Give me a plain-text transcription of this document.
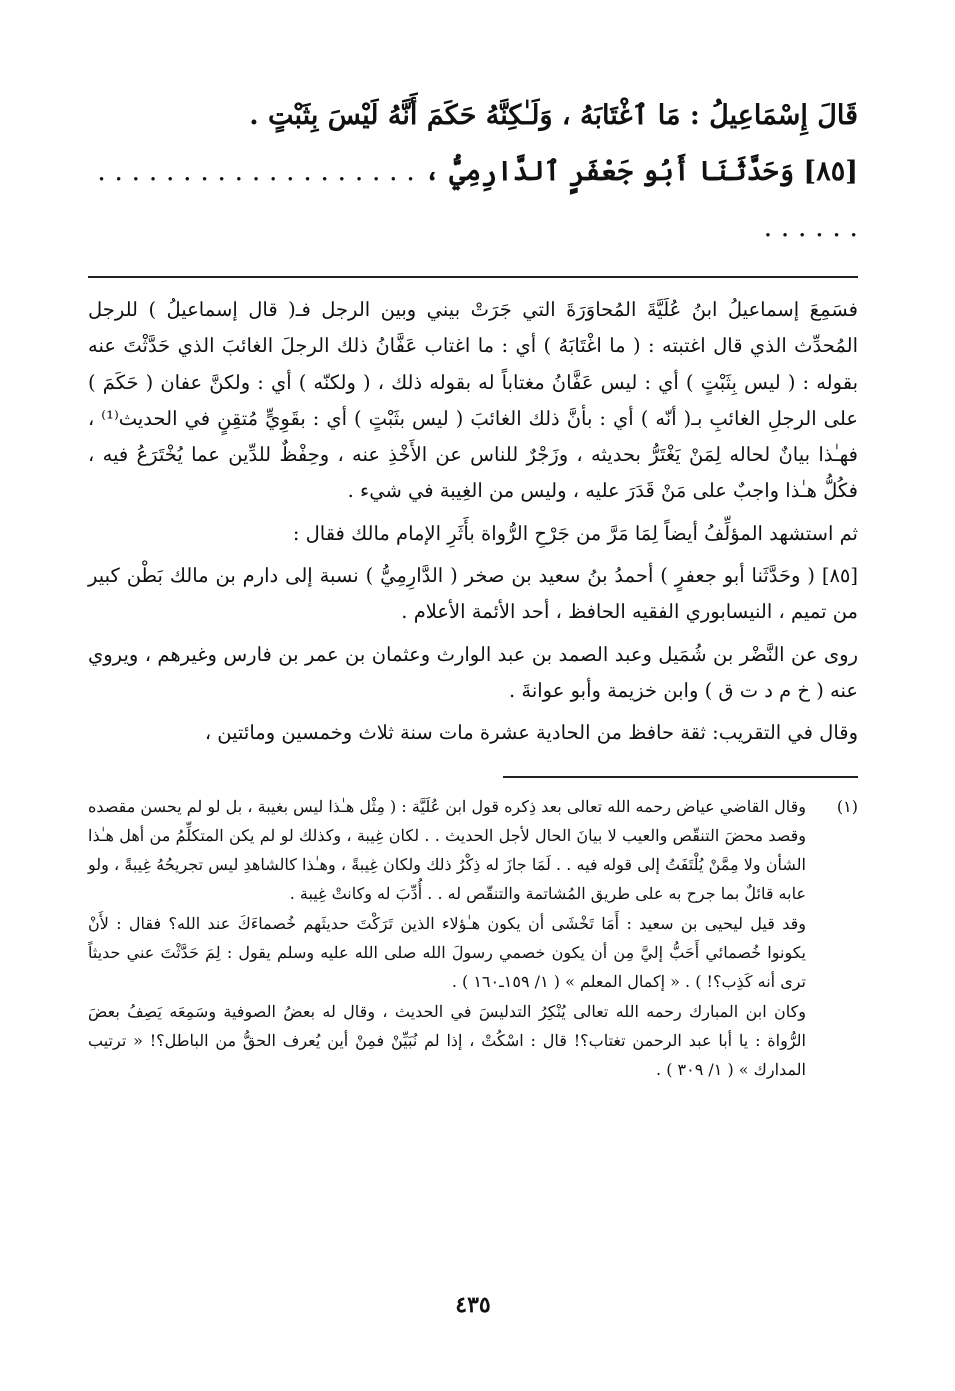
قَالَ إِسْمَاعِيلُ : مَا ٱغْتَابَهُ ، وَلَـٰكِنَّهُ حَكَمَ أَنَّهُ لَيْسَ بِثَبْتٍ .
[٨٥] وَحَدَّثَنَا أَبُو جَعْفَرٍ ٱلدَّارِمِيُّ ، . . . . . . . . . . . . . . . . . . . . . . . . .

فسَمِعَ إسماعيلُ ابنُ عُلَيَّةَ المُحاوَرَةَ التي جَرَتْ بيني وبين الرجل فـ( قال إسماعيلُ ) للرجل المُحدِّث الذي قال اغتبته : ( ما اغْتَابَهُ ) أي : ما اغتاب عَفَّانُ ذلك الرجلَ الغائبَ الذي حَدَّثْتَ عنه بقوله : ( ليس بِثَبْتٍ ) أي : ليس عَفَّانُ مغتاباً له بقوله ذلك ، ( ولكنّه ) أي : ولكنَّ عفان ( حَكَمَ ) على الرجلِ الغائبِ بـ( أنّه ) أي : بأنَّ ذلك الغائبَ ( ليس بثَبْتٍ ) أي : بقَوِيٍّ مُتقِنٍ في الحديث⁽¹⁾ ، فهـٰذا بيانٌ لحاله لِمَنْ يَغْتَرُّ بحديثه ، وزَجْرٌ للناس عن الأَخْذِ عنه ، وحِفْظٌ للدِّين عما يُخْتَرَعُ فيه ، فكُلُّ هـٰذا واجبٌ على مَنْ قَدَرَ عليه ، وليس من الغِيبة في شيء .

ثم استشهد المؤلِّفُ أيضاً لِمَا مَرَّ من جَرْحِ الرُّواة بأَثَرِ الإمام مالك فقال :

[٨٥] ( وحَدَّثَنا أبو جعفرٍ ) أحمدُ بنُ سعيد بن صخر ( الدَّارِمِيُّ ) نسبة إلى دارم بن مالك بَطْن كبير من تميم ، النيسابوري الفقيه الحافظ ، أحد الأئمة الأعلام .

روى عن النَّضْر بن شُمَيل وعبد الصمد بن عبد الوارث وعثمان بن عمر بن فارس وغيرهم ، ويروي عنه ( خ م د ت ق ) وابن خزيمة وأبو عوانةَ .

وقال في التقريب: ثقة حافظ من الحادية عشرة مات سنة ثلاث وخمسين ومائتين ،

(١)
وقال القاضي عياض رحمه الله تعالى بعد ذِكره قول ابن عُلَيَّة : ( مِثْل هـٰذا ليس بغيبة ، بل لو لم يحسن مقصده وقصد محضَ التنقّص والعيب لا بيانَ الحال لأجل الحديث . . لكان غِيبة ، وكذلك لو لم يكن المتكلِّمُ من أهل هـٰذا الشأن ولا مِمَّنْ يُلْتَفَتُ إلى قوله فيه . . لَمَا جازَ له ذِكْرُ ذلك ولكان غِيبةً ، وهـٰذا كالشاهدِ ليس تجريحُهُ غِيبةً ، ولو عابه قائلٌ بما جرح به على طريق المُشاتمة والتنقّص له . . أُدِّبَ له وكانتْ غِيبة .

وقد قيل ليحيى بن سعيد : أَمَا تَخْشَى أن يكون هـٰؤلاء الذين تَرَكْتَ حديثَهم خُصماءَكَ عند الله؟ فقال : لأَنْ يكونوا خُصمائي أَحَبُّ إليَّ مِن أن يكون خصمي رسولَ الله صلى الله عليه وسلم يقول : لِمَ حَدَّثْتَ عني حديثاً ترى أنه كَذِب؟! ) . « إكمال المعلم » ( ١/ ١٥٩ـ١٦٠ ) .

وكان ابن المبارك رحمه الله تعالى يُنْكِرُ التدليسَ في الحديث ، وقال له بعضُ الصوفية وسَمِعَه يَصِفُ بعضَ الرُّواة : يا أبا عبد الرحمن تغتاب؟! قال : اسْكُتْ ، إذا لم نُبَيِّنْ فمِنْ أين يُعرف الحقُّ من الباطل؟! « ترتيب المدارك » ( ١/ ٣٠٩ ) .

٤٣٥
